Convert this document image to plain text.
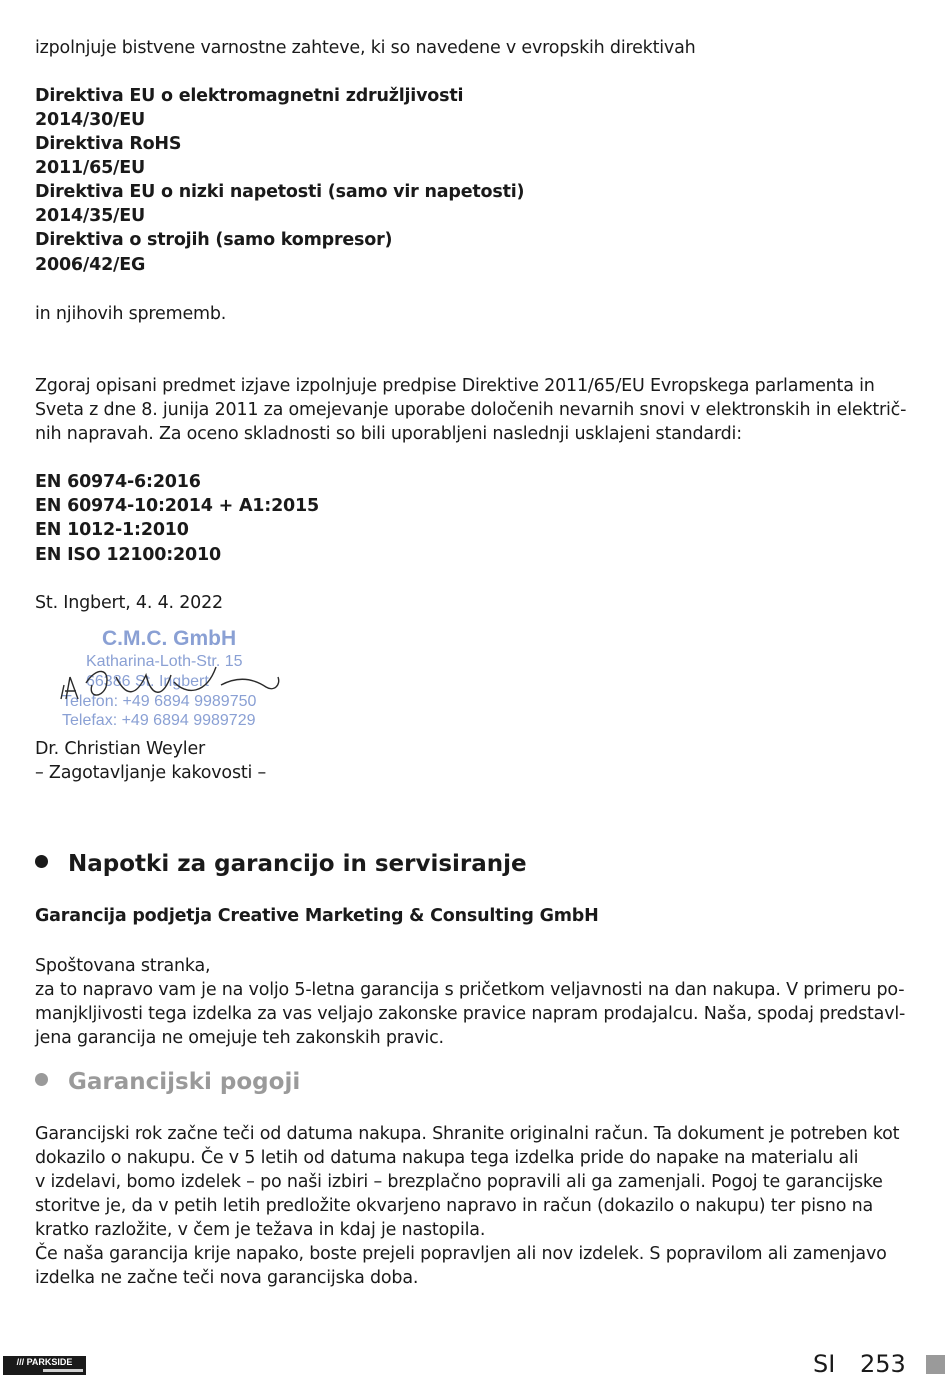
izpolnjuje bistvene varnostne zahteve, ki so navedene v evropskih direktivah

Direktiva EU o elektromagnetni združljivosti

2014/30/EU

Direktiva RoHS

2011/65/EU

Direktiva EU o nizki napetosti (samo vir napetosti)

2014/35/EU

Direktiva o strojih (samo kompresor)

2006/42/EG

in njihovih sprememb.

Zgoraj opisani predmet izjave izpolnjuje predpise Direktive 2011/65/EU Evropskega parlamenta in

Sveta z dne 8. junija 2011 za omejevanje uporabe določenih nevarnih snovi v elektronskih in električ-

nih napravah. Za oceno skladnosti so bili uporabljeni naslednji usklajeni standardi:

EN 60974-6:2016

EN 60974-10:2014 + A1:2015

EN 1012-1:2010

EN ISO 12100:2010

St. Ingbert, 4. 4. 2022

C.M.C. GmbH
Katharina-Loth-Str. 15
66386 St. Ingbert
Telefon: +49 6894 9989750
Telefax: +49 6894 9989729

Dr. Christian Weyler

– Zagotavljanje kakovosti –

Napotki za garancijo in servisiranje

Garancija podjetja Creative Marketing & Consulting GmbH

Spoštovana stranka,

za to napravo vam je na voljo 5-letna garancija s pričetkom veljavnosti na dan nakupa. V primeru po-

manjkljivosti tega izdelka za vas veljajo zakonske pravice napram prodajalcu. Naša, spodaj predstavl-

jena garancija ne omejuje teh zakonskih pravic.

Garancijski pogoji

Garancijski rok začne teči od datuma nakupa. Shranite originalni račun. Ta dokument je potreben kot

dokazilo o nakupu. Če v 5 letih od datuma nakupa tega izdelka pride do napake na materialu ali

v izdelavi, bomo izdelek – po naši izbiri – brezplačno popravili ali ga zamenjali. Pogoj te garancijske

storitve je, da v petih letih predložite okvarjeno napravo in račun (dokazilo o nakupu) ter pisno na

kratko razložite, v čem je težava in kdaj je nastopila.

Če naša garancija krije napako, boste prejeli popravljen ali nov izdelek. S popravilom ali zamenjavo

izdelka ne začne teči nova garancijska doba.

/// PARKSIDE	SI 253
